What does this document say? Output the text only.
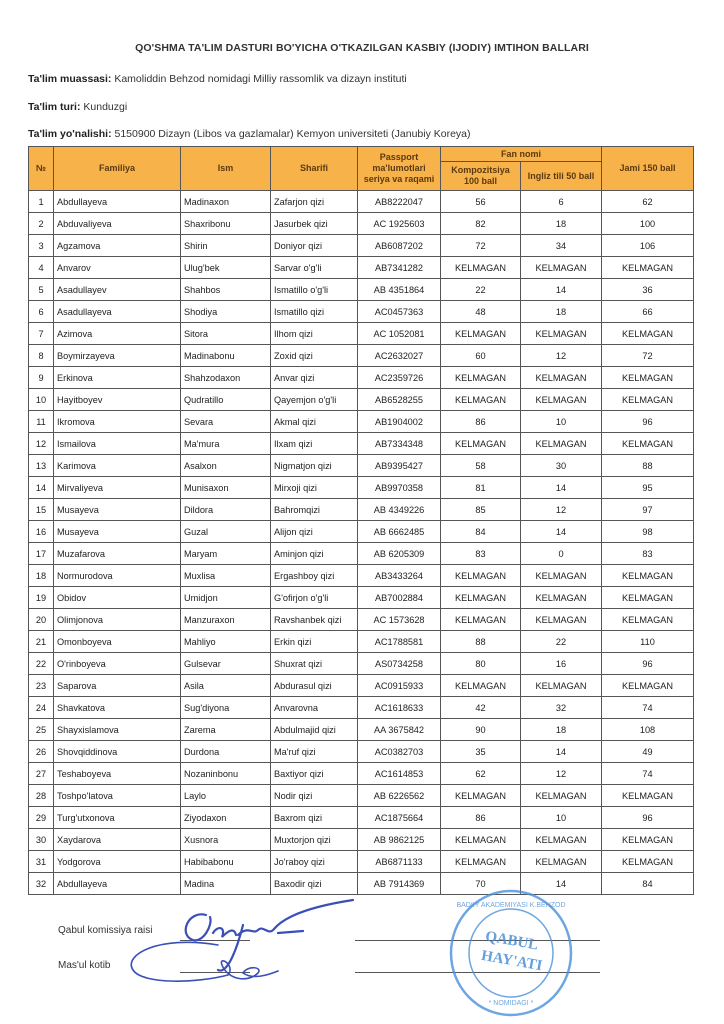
QO'SHMA TA'LIM DASTURI BO'YICHA O'TKAZILGAN KASBIY (IJODIY) IMTIHON BALLARI
Ta'lim muassasi: Kamoliddin Behzod nomidagi Milliy rassomlik va dizayn instituti
Ta'lim turi: Kunduzgi
Ta'lim yo'nalishi: 5150900 Dizayn (Libos va gazlamalar) Kemyon universiteti (Janubiy Koreya)
№	Familiya	Ism	Sharifi	Passport ma'lumotlari seriya va raqami	Fan nomi		Jami 150 ball
					Kompozitsiya 100 ball	Ingliz tili 50 ball	
1	Abdullayeva	Madinaxon	Zafarjon qizi	AB8222047	56	6	62
2	Abduvaliyeva	Shaxribonu	Jasurbek qizi	AC 1925603	82	18	100
3	Agzamova	Shirin	Doniyor qizi	AB6087202	72	34	106
4	Anvarov	Ulug'bek	Sarvar o'g'li	AB7341282	KELMAGAN	KELMAGAN	KELMAGAN
5	Asadullayev	Shahbos	Ismatillo o'g'li	AB 4351864	22	14	36
6	Asadullayeva	Shodiya	Ismatillo qizi	AC0457363	48	18	66
7	Azimova	Sitora	Ilhom qizi	AC 1052081	KELMAGAN	KELMAGAN	KELMAGAN
8	Boymirzayeva	Madinabonu	Zoxid qizi	AC2632027	60	12	72
9	Erkinova	Shahzodaxon	Anvar qizi	AC2359726	KELMAGAN	KELMAGAN	KELMAGAN
10	Hayitboyev	Qudratillo	Qayemjon o'g'li	AB6528255	KELMAGAN	KELMAGAN	KELMAGAN
11	Ikromova	Sevara	Akmal qizi	AB1904002	86	10	96
12	Ismailova	Ma'mura	Ilxam qizi	AB7334348	KELMAGAN	KELMAGAN	KELMAGAN
13	Karimova	Asalxon	Nigmatjon qizi	AB9395427	58	30	88
14	Mirvaliyeva	Munisaxon	Mirxoji qizi	AB9970358	81	14	95
15	Musayeva	Dildora	Bahromqizi	AB 4349226	85	12	97
16	Musayeva	Guzal	Alijon qizi	AB 6662485	84	14	98
17	Muzafarova	Maryam	Aminjon qizi	AB 6205309	83	0	83
18	Normurodova	Muxlisa	Ergashboy qizi	AB3433264	KELMAGAN	KELMAGAN	KELMAGAN
19	Obidov	Umidjon	G'ofirjon o'g'li	AB7002884	KELMAGAN	KELMAGAN	KELMAGAN
20	Olimjonova	Manzuraxon	Ravshanbek qizi	AC 1573628	KELMAGAN	KELMAGAN	KELMAGAN
21	Omonboyeva	Mahliyo	Erkin qizi	AC1788581	88	22	110
22	O'rinboyeva	Gulsevar	Shuxrat qizi	AS0734258	80	16	96
23	Saparova	Asila	Abdurasul qizi	AC0915933	KELMAGAN	KELMAGAN	KELMAGAN
24	Shavkatova	Sug'diyona	Anvarovna	AC1618633	42	32	74
25	Shayxislamova	Zarema	Abdulmajid qizi	AA 3675842	90	18	108
26	Shovqiddinova	Durdona	Ma'ruf qizi	AC0382703	35	14	49
27	Teshaboyeva	Nozaninbonu	Baxtiyor qizi	AC1614853	62	12	74
28	Toshpo'latova	Laylo	Nodir qizi	AB 6226562	KELMAGAN	KELMAGAN	KELMAGAN
29	Turg'utxonova	Ziyodaxon	Baxrom qizi	AC1875664	86	10	96
30	Xaydarova	Xusnora	Muxtorjon qizi	AB 9862125	KELMAGAN	KELMAGAN	KELMAGAN
31	Yodgorova	Habibabonu	Jo'raboy qizi	AB6871133	KELMAGAN	KELMAGAN	KELMAGAN
32	Abdullayeva	Madina	Baxodir qizi	AB 7914369	70	14	84
Qabul komissiya raisi
Mas'ul kotib
QABUL
HAY'ATI
BADIIY AKADEMIYASI K.BEHZOD
* NOMIDAGI *
